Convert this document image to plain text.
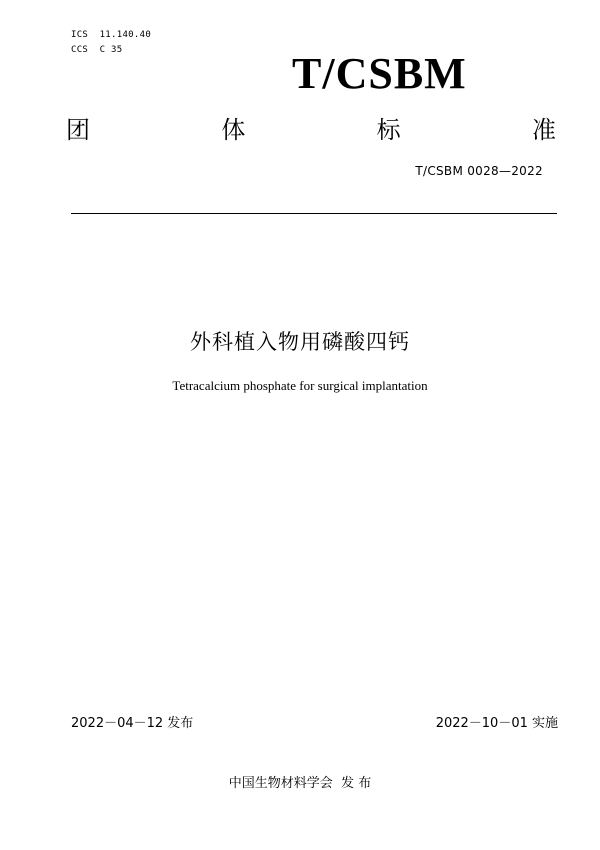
ICS  11.140.40
CCS  C 35	T/CSBM
团	体	标	准
T/CSBM 0028—2022
外科植入物用磷酸四钙
Tetracalcium phosphate for surgical implantation
2022－04－12 发布	2022－10－01 实施
中国生物材料学会  发 布
